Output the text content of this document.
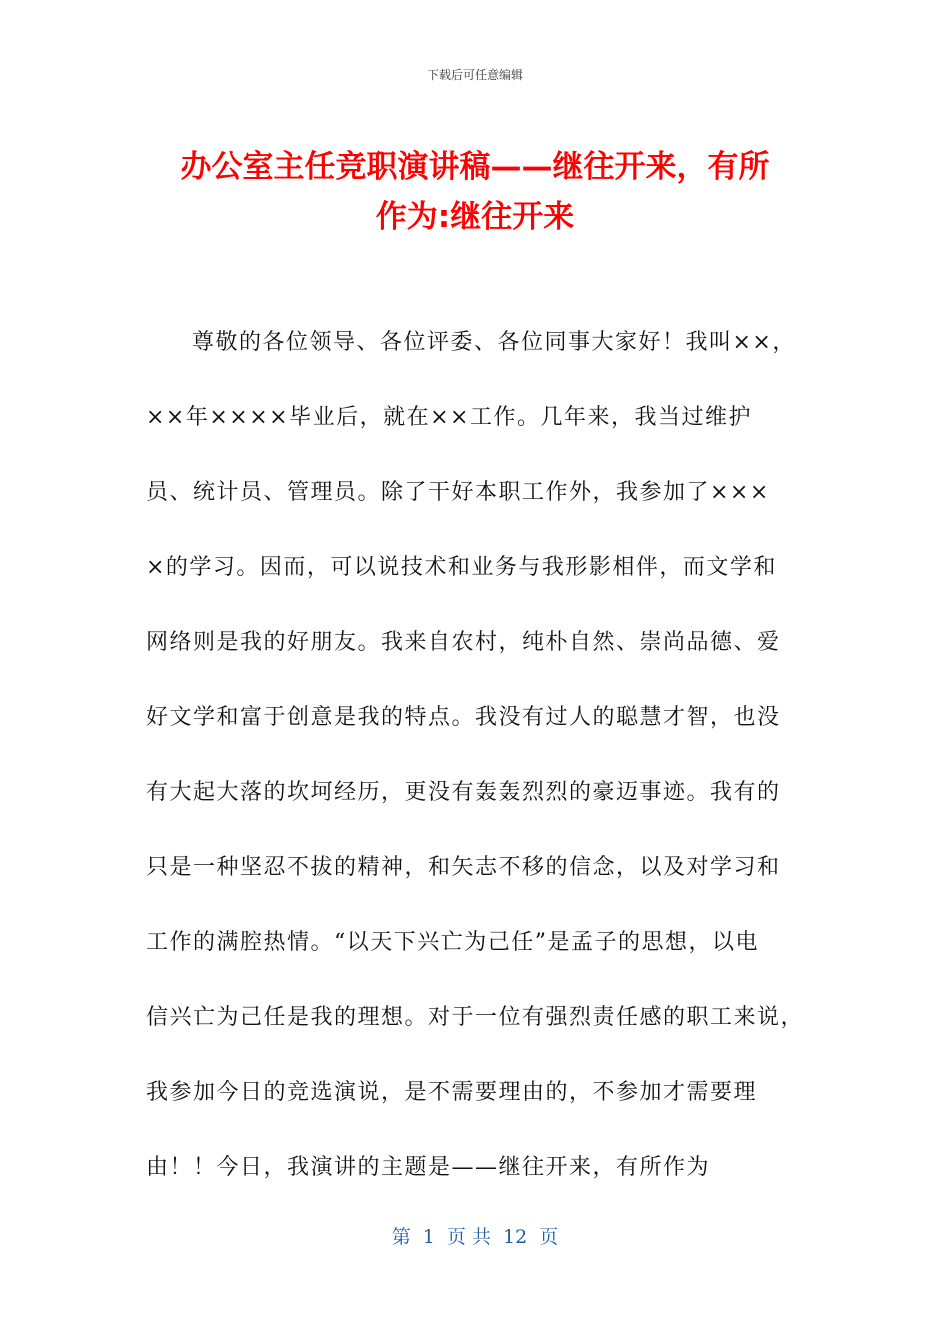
下载后可任意编辑
办公室主任竞职演讲稿——继往开来，有所
作为:继往开来
尊敬的各位领导、各位评委、各位同事大家好！我叫××，
××年××××毕业后，就在××工作。几年来，我当过维护
员、统计员、管理员。除了干好本职工作外，我参加了×××
×的学习。因而，可以说技术和业务与我形影相伴，而文学和
网络则是我的好朋友。我来自农村，纯朴自然、崇尚品德、爱
好文学和富于创意是我的特点。我没有过人的聪慧才智，也没
有大起大落的坎坷经历，更没有轰轰烈烈的豪迈事迹。我有的
只是一种坚忍不拔的精神，和矢志不移的信念，以及对学习和
工作的满腔热情。“以天下兴亡为己任”是孟子的思想，以电
信兴亡为己任是我的理想。对于一位有强烈责任感的职工来说，
我参加今日的竞选演说，是不需要理由的，不参加才需要理
由！！今日，我演讲的主题是——继往开来，有所作为
第  1  页 共  12  页
